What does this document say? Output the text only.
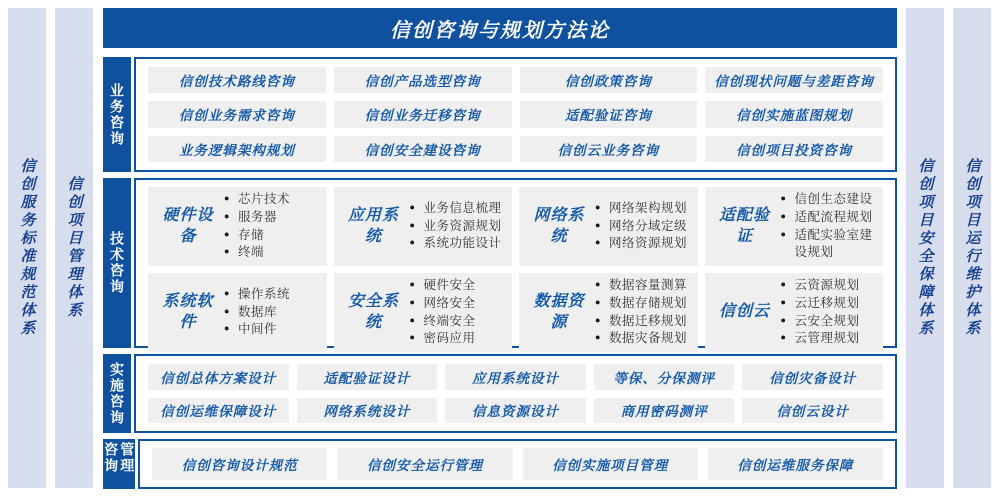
信创服务标准规范体系 信创项目管理体系	信创项目安全保障体系 信创项目运行维护体系
信创咨询与规划方法论
业务咨询
信创技术路线咨询	信创产品选型咨询	信创政策咨询	信创现状问题与差距咨询
信创业务需求咨询	信创业务迁移咨询	适配验证咨询	信创实施蓝图规划
业务逻辑架构规划	信创安全建设咨询	信创云业务咨询	信创项目投资咨询
技术咨询
硬件设备
● 芯片技术
● 服务器
● 存储
● 终端
应用系统
● 业务信息梳理
● 业务资源规划
● 系统功能设计
网络系统
● 网络架构规划
● 网络分域定级
● 网络资源规划
适配验证
● 信创生态建设
● 适配流程规划
● 适配实验室建设规划
系统软件
● 操作系统
● 数据库
● 中间件
安全系统
● 硬件安全
● 网络安全
● 终端安全
● 密码应用
数据资源
● 数据容量测算
● 数据存储规划
● 数据迁移规划
● 数据灾备规划
信创云
● 云资源规划
● 云迁移规划
● 云安全规划
● 云管理规划
实施咨询	信创总体方案设计	适配验证设计	应用系统设计	等保、分保测评	信创灾备设计
信创运维保障设计	网络系统设计	信息资源设计	商用密码测评	信创云设计
咨询管理	信创咨询设计规范	信创安全运行管理	信创实施项目管理	信创运维服务保障
